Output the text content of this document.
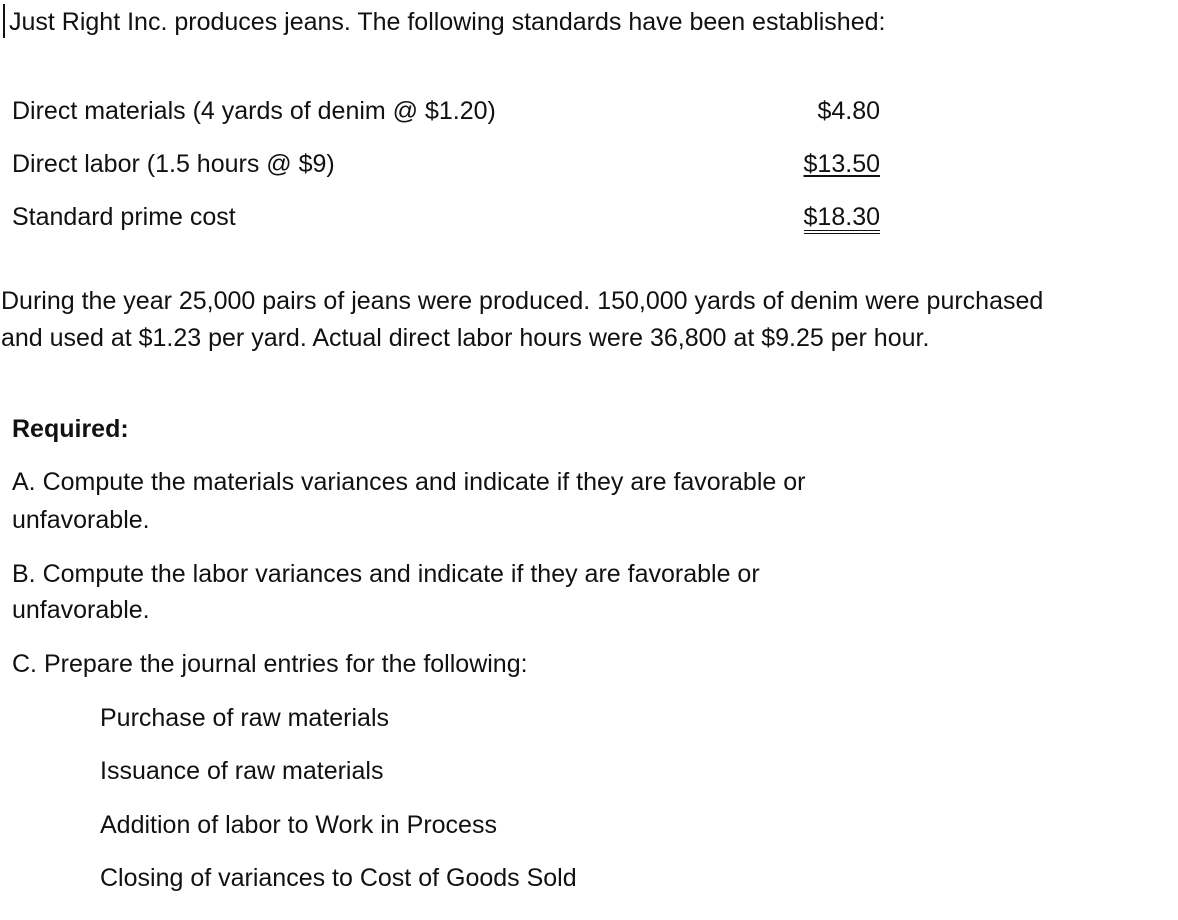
Just Right Inc. produces jeans. The following standards have been established:
Direct materials (4 yards of denim @ $1.20)	$4.80
Direct labor (1.5 hours @ $9)	$13.50
Standard prime cost	$18.30
During the year 25,000 pairs of jeans were produced. 150,000 yards of denim were purchased
and used at $1.23 per yard. Actual direct labor hours were 36,800 at $9.25 per hour.
Required:
A. Compute the materials variances and indicate if they are favorable or
unfavorable.
B. Compute the labor variances and indicate if they are favorable or
unfavorable.
C. Prepare the journal entries for the following:
Purchase of raw materials
Issuance of raw materials
Addition of labor to Work in Process
Closing of variances to Cost of Goods Sold
